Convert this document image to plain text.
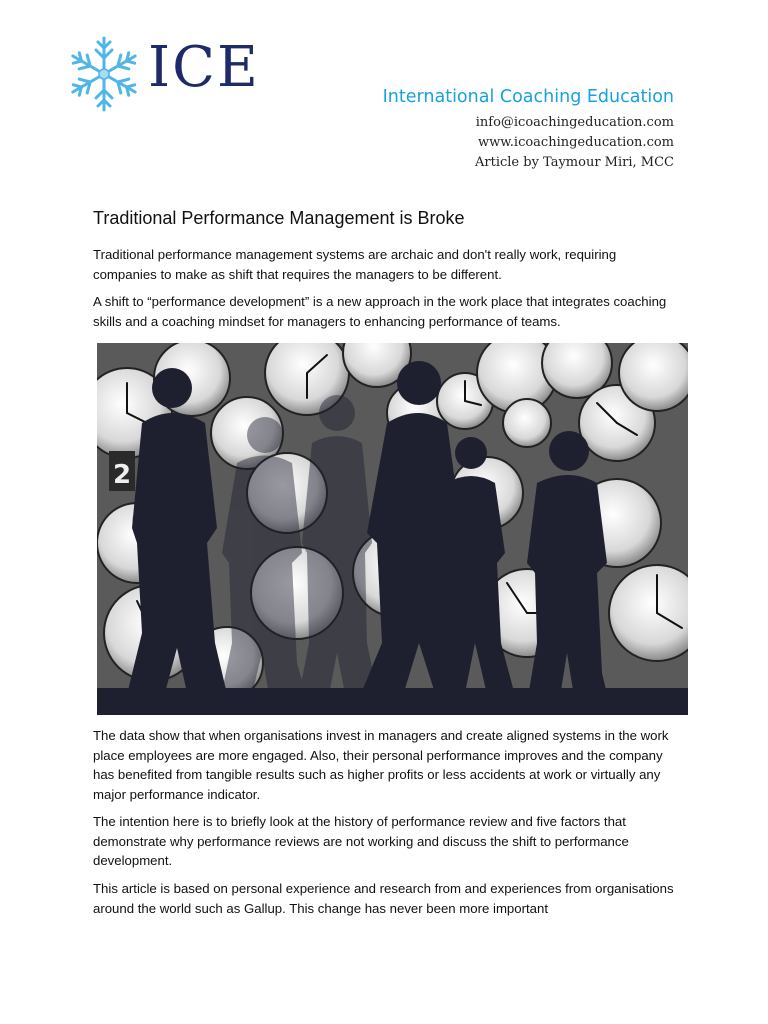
ICE	International Coaching Education
info@icoachingeducation.com
www.icoachingeducation.com
Article by Taymour Miri, MCC
Traditional Performance Management is Broke

Traditional performance management systems are archaic and don't really work, requiring companies to make as shift that requires the managers to be different.

A shift to “performance development” is a new approach in the work place that integrates coaching skills and a coaching mindset for managers to enhancing performance of teams.

2

The data show that when organisations invest in managers and create aligned systems in the work place employees are more engaged. Also, their personal performance improves and the company has benefited from tangible results such as higher profits or less accidents at work or virtually any major performance indicator.

The intention here is to briefly look at the history of performance review and five factors that demonstrate why performance reviews are not working and discuss the shift to performance development.

This article is based on personal experience and research from and experiences from organisations around the world such as Gallup. This change has never been more important
